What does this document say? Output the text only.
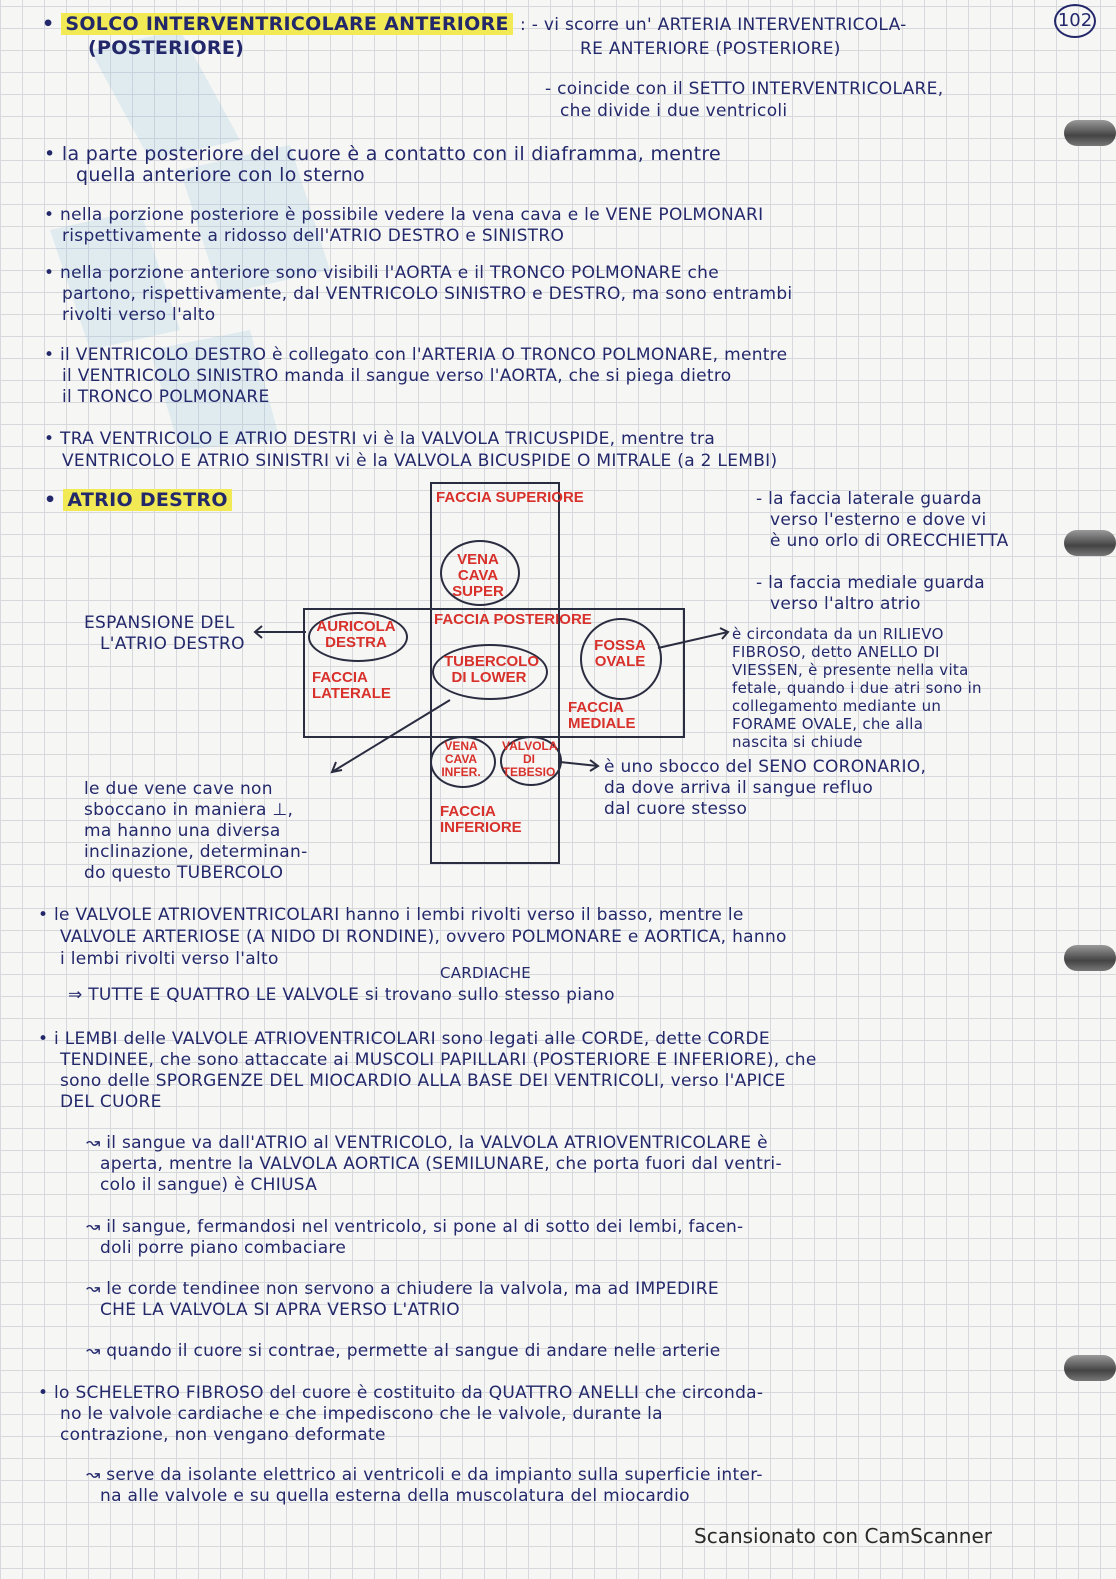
102
• SOLCO INTERVENTRICOLARE ANTERIORE
(POSTERIORE)
: - vi scorre un' ARTERIA INTERVENTRICOLA-
RE ANTERIORE (POSTERIORE)
- coincide con il SETTO INTERVENTRICOLARE,
che divide i due ventricoli
• la parte posteriore del cuore è a contatto con il diaframma, mentre
quella anteriore con lo sterno
• nella porzione posteriore è possibile vedere la vena cava e le VENE POLMONARI
rispettivamente a ridosso dell'ATRIO DESTRO e SINISTRO
• nella porzione anteriore sono visibili l'AORTA e il TRONCO POLMONARE che
partono, rispettivamente, dal VENTRICOLO SINISTRO e DESTRO, ma sono entrambi
rivolti verso l'alto
• il VENTRICOLO DESTRO è collegato con l'ARTERIA O TRONCO POLMONARE, mentre
il VENTRICOLO SINISTRO manda il sangue verso l'AORTA, che si piega dietro
il TRONCO POLMONARE
• TRA VENTRICOLO E ATRIO DESTRI vi è la VALVOLA TRICUSPIDE, mentre tra
VENTRICOLO E ATRIO SINISTRI vi è la VALVOLA BICUSPIDE O MITRALE (a 2 LEMBI)
• ATRIO DESTRO	FACCIA SUPERIORE
VENA CAVA SUPER
FACCIA POSTERIORE
AURICOLA DESTRA
FACCIA LATERALE
TUBERCOLO DI LOWER
FOSSA OVALE
FACCIA MEDIALE
VENA CAVA INFER.
VALVOLA DI TEBESIO
FACCIA INFERIORE
- la faccia laterale guarda
verso l'esterno e dove vi
è uno orlo di ORECCHIETTA
- la faccia mediale guarda
verso l'altro atrio
ESPANSIONE DEL
L'ATRIO DESTRO	è circondata da un RILIEVO
FIBROSO, detto ANELLO DI
VIESSEN, è presente nella vita
fetale, quando i due atri sono in
collegamento mediante un
FORAME OVALE, che alla
nascita si chiude
è uno sbocco del SENO CORONARIO,
da dove arriva il sangue refluo
dal cuore stesso
le due vene cave non
sboccano in maniera ⊥,
ma hanno una diversa
inclinazione, determinan-
do questo TUBERCOLO
• le VALVOLE ATRIOVENTRICOLARI hanno i lembi rivolti verso il basso, mentre le
VALVOLE ARTERIOSE (A NIDO DI RONDINE), ovvero POLMONARE e AORTICA, hanno
i lembi rivolti verso l'alto
CARDIACHE
⇒ TUTTE E QUATTRO LE VALVOLE si trovano sullo stesso piano
• i LEMBI delle VALVOLE ATRIOVENTRICOLARI sono legati alle CORDE, dette CORDE
TENDINEE, che sono attaccate ai MUSCOLI PAPILLARI (POSTERIORE E INFERIORE), che
sono delle SPORGENZE DEL MIOCARDIO ALLA BASE DEI VENTRICOLI, verso l'APICE
DEL CUORE
↝ il sangue va dall'ATRIO al VENTRICOLO, la VALVOLA ATRIOVENTRICOLARE è
aperta, mentre la VALVOLA AORTICA (SEMILUNARE, che porta fuori dal ventri-
colo il sangue) è CHIUSA
↝ il sangue, fermandosi nel ventricolo, si pone al di sotto dei lembi, facen-
doli porre piano combaciare
↝ le corde tendinee non servono a chiudere la valvola, ma ad IMPEDIRE
CHE LA VALVOLA SI APRA VERSO L'ATRIO
↝ quando il cuore si contrae, permette al sangue di andare nelle arterie
• lo SCHELETRO FIBROSO del cuore è costituito da QUATTRO ANELLI che circonda-
no le valvole cardiache e che impediscono che le valvole, durante la
contrazione, non vengano deformate
↝ serve da isolante elettrico ai ventricoli e da impianto sulla superficie inter-
na alle valvole e su quella esterna della muscolatura del miocardio
Scansionato con CamScanner
